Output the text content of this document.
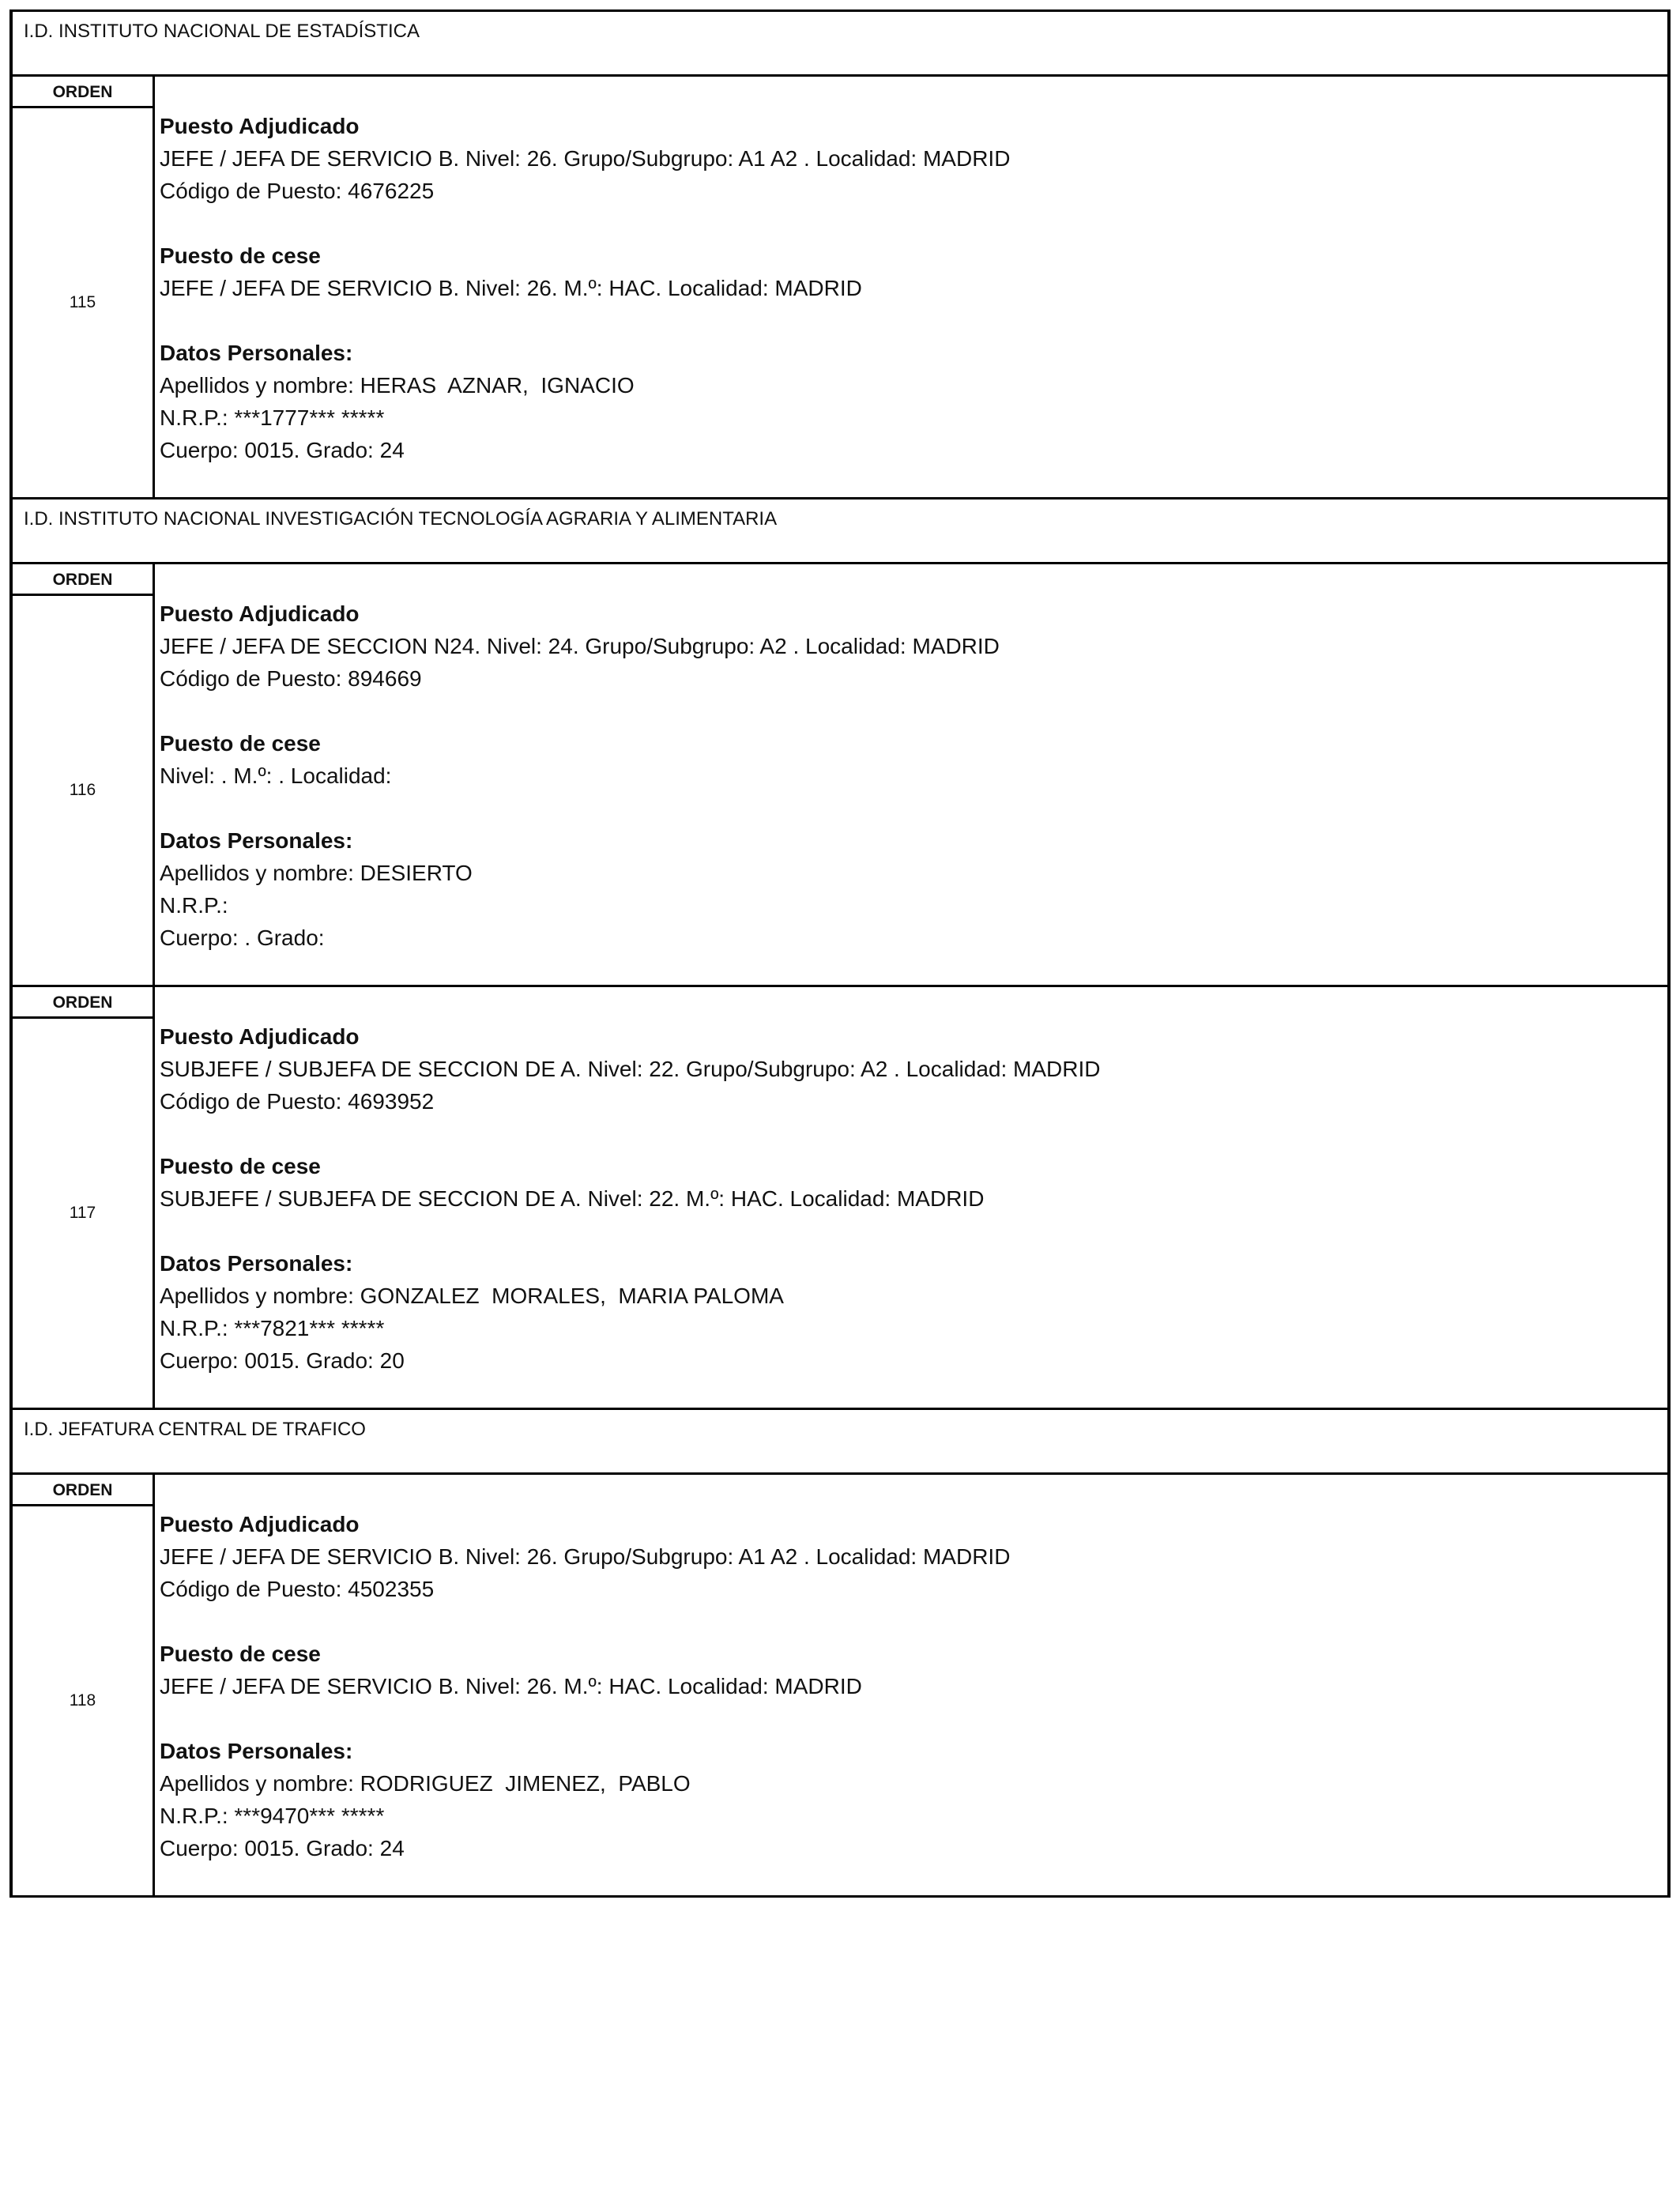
I.D. INSTITUTO NACIONAL DE ESTADÍSTICA
ORDEN
115
Puesto Adjudicado
JEFE / JEFA DE SERVICIO B. Nivel: 26. Grupo/Subgrupo: A1 A2 . Localidad: MADRID
Código de Puesto: 4676225
Puesto de cese
JEFE / JEFA DE SERVICIO B. Nivel: 26. M.º: HAC. Localidad: MADRID
Datos Personales:
Apellidos y nombre: HERAS  AZNAR,  IGNACIO
N.R.P.: ***1777*** *****
Cuerpo: 0015. Grado: 24
I.D. INSTITUTO NACIONAL INVESTIGACIÓN TECNOLOGÍA AGRARIA Y ALIMENTARIA
ORDEN
116
Puesto Adjudicado
JEFE / JEFA DE SECCION N24. Nivel: 24. Grupo/Subgrupo: A2 . Localidad: MADRID
Código de Puesto: 894669
Puesto de cese
Nivel: . M.º: . Localidad:
Datos Personales:
Apellidos y nombre: DESIERTO
N.R.P.:
Cuerpo: . Grado:
ORDEN
117
Puesto Adjudicado
SUBJEFE / SUBJEFA DE SECCION DE A. Nivel: 22. Grupo/Subgrupo: A2 . Localidad: MADRID
Código de Puesto: 4693952
Puesto de cese
SUBJEFE / SUBJEFA DE SECCION DE A. Nivel: 22. M.º: HAC. Localidad: MADRID
Datos Personales:
Apellidos y nombre: GONZALEZ  MORALES,  MARIA PALOMA
N.R.P.: ***7821*** *****
Cuerpo: 0015. Grado: 20
I.D. JEFATURA CENTRAL DE TRAFICO
ORDEN
118
Puesto Adjudicado
JEFE / JEFA DE SERVICIO B. Nivel: 26. Grupo/Subgrupo: A1 A2 . Localidad: MADRID
Código de Puesto: 4502355
Puesto de cese
JEFE / JEFA DE SERVICIO B. Nivel: 26. M.º: HAC. Localidad: MADRID
Datos Personales:
Apellidos y nombre: RODRIGUEZ  JIMENEZ,  PABLO
N.R.P.: ***9470*** *****
Cuerpo: 0015. Grado: 24
